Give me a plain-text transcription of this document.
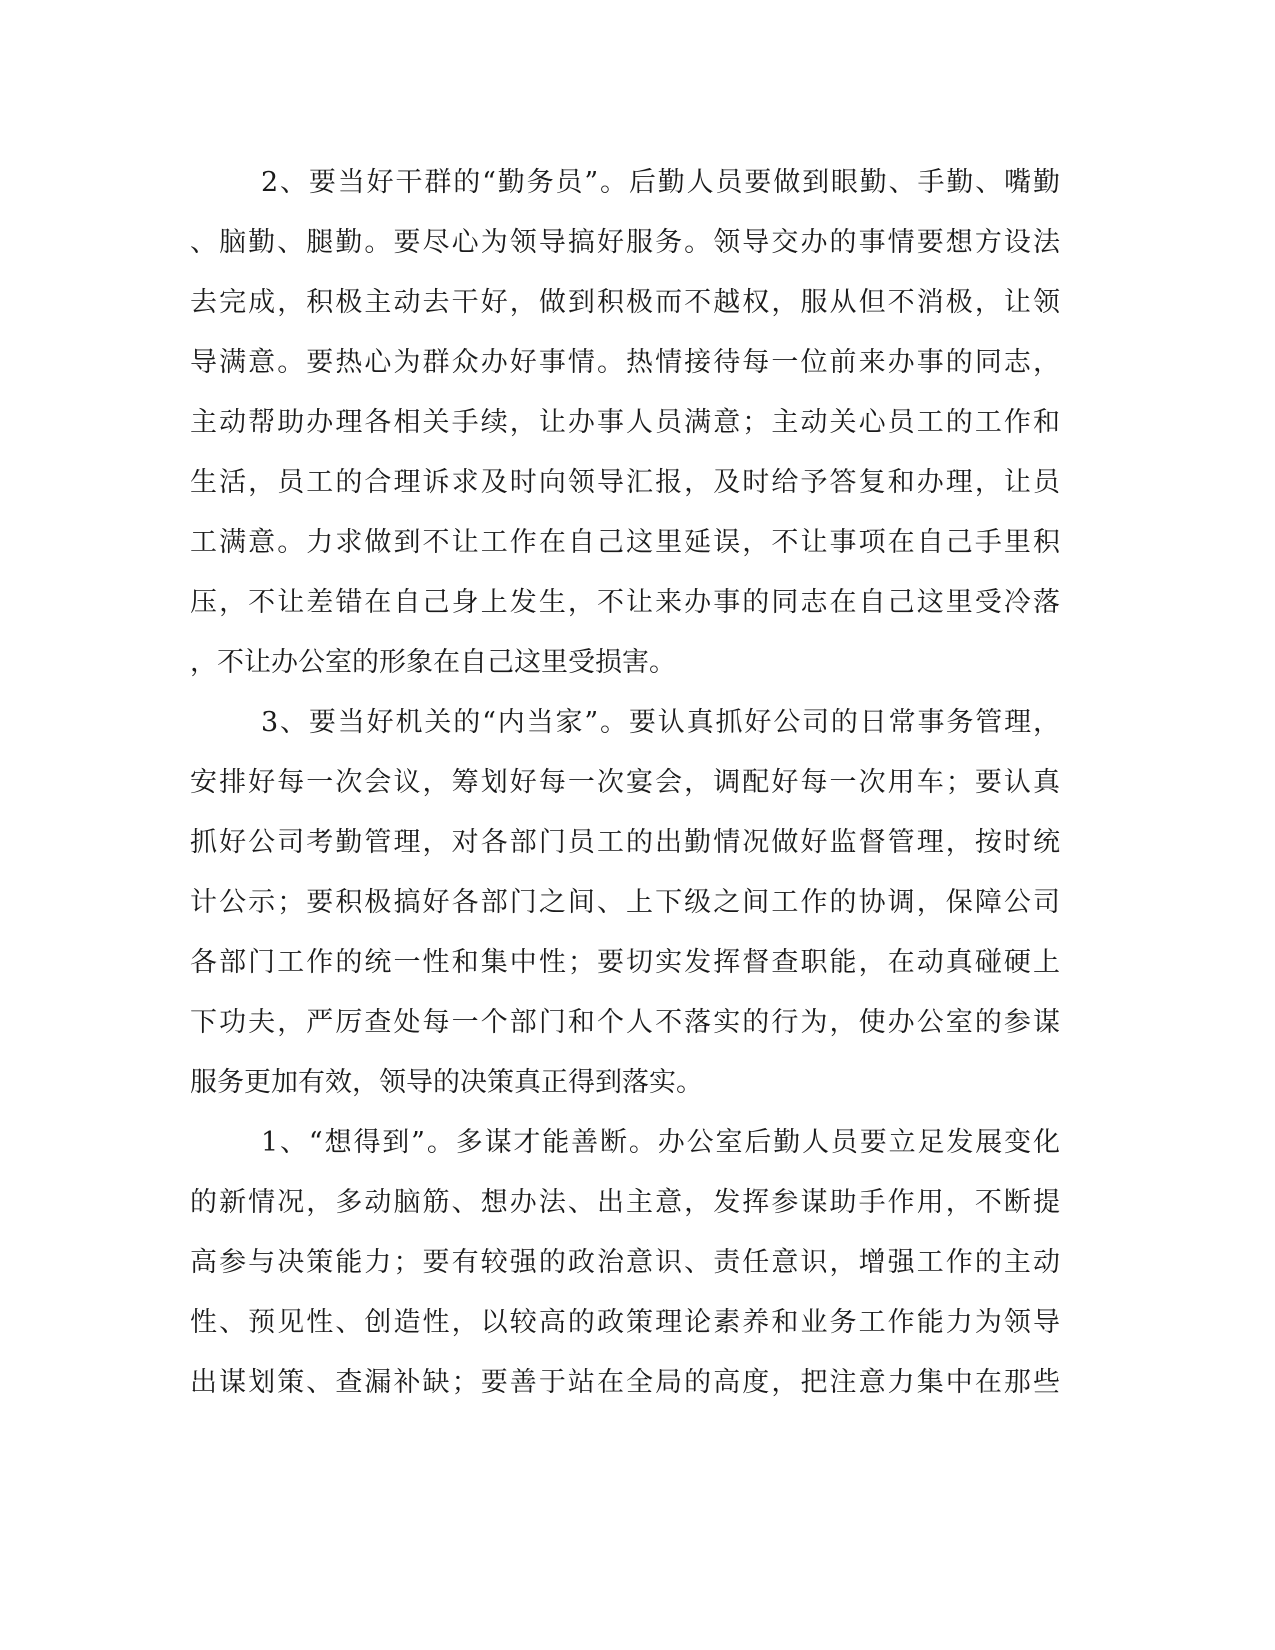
2、要当好干群的“勤务员”。后勤人员要做到眼勤、手勤、嘴勤
、脑勤、腿勤。要尽心为领导搞好服务。领导交办的事情要想方设法
去完成，积极主动去干好，做到积极而不越权，服从但不消极，让领
导满意。要热心为群众办好事情。热情接待每一位前来办事的同志，
主动帮助办理各相关手续，让办事人员满意；主动关心员工的工作和
生活，员工的合理诉求及时向领导汇报，及时给予答复和办理，让员
工满意。力求做到不让工作在自己这里延误，不让事项在自己手里积
压，不让差错在自己身上发生，不让来办事的同志在自己这里受冷落
，不让办公室的形象在自己这里受损害。
3、要当好机关的“内当家”。要认真抓好公司的日常事务管理，
安排好每一次会议，筹划好每一次宴会，调配好每一次用车；要认真
抓好公司考勤管理，对各部门员工的出勤情况做好监督管理，按时统
计公示；要积极搞好各部门之间、上下级之间工作的协调，保障公司
各部门工作的统一性和集中性；要切实发挥督查职能，在动真碰硬上
下功夫，严厉查处每一个部门和个人不落实的行为，使办公室的参谋
服务更加有效，领导的决策真正得到落实。
1、“想得到”。多谋才能善断。办公室后勤人员要立足发展变化
的新情况，多动脑筋、想办法、出主意，发挥参谋助手作用，不断提
高参与决策能力；要有较强的政治意识、责任意识，增强工作的主动
性、预见性、创造性，以较高的政策理论素养和业务工作能力为领导
出谋划策、查漏补缺；要善于站在全局的高度，把注意力集中在那些
